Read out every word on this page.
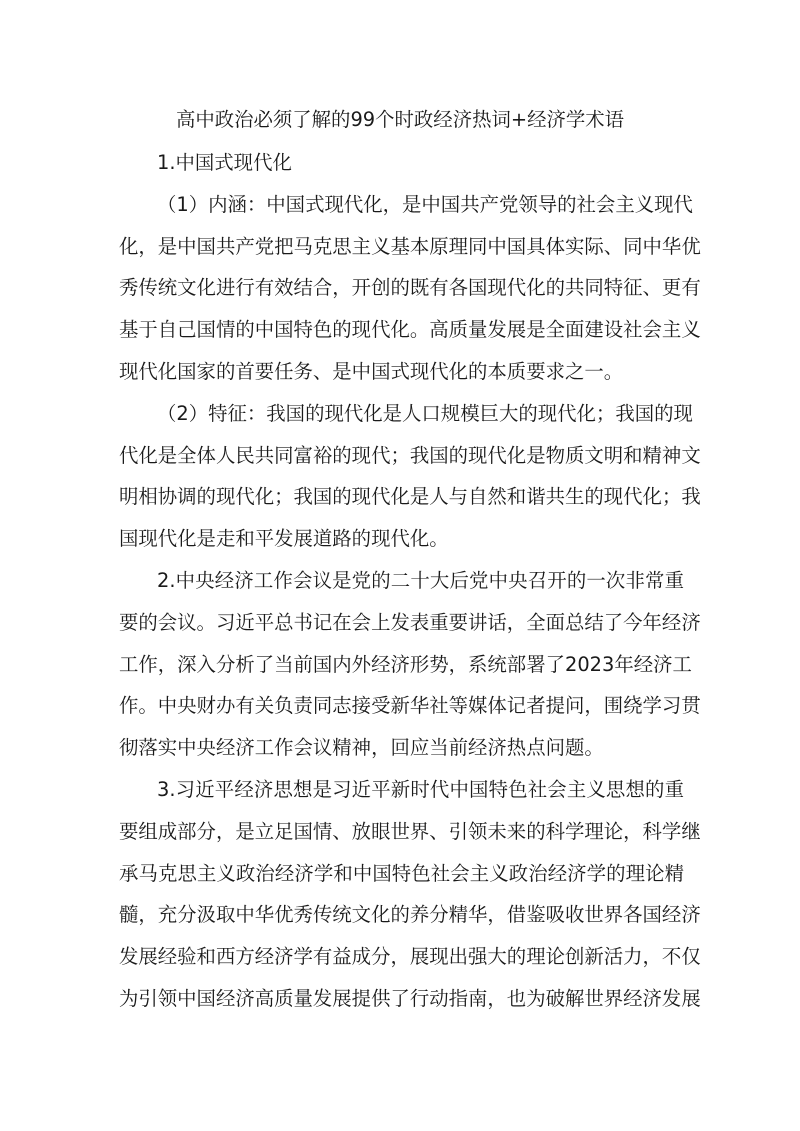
高中政治必须了解的99个时政经济热词+经济学术语
1.中国式现代化
（1）内涵：中国式现代化，是中国共产党领导的社会主义现代
化，是中国共产党把马克思主义基本原理同中国具体实际、同中华优
秀传统文化进行有效结合，开创的既有各国现代化的共同特征、更有
基于自己国情的中国特色的现代化。高质量发展是全面建设社会主义
现代化国家的首要任务、是中国式现代化的本质要求之一。
（2）特征：我国的现代化是人口规模巨大的现代化；我国的现
代化是全体人民共同富裕的现代；我国的现代化是物质文明和精神文
明相协调的现代化；我国的现代化是人与自然和谐共生的现代化；我
国现代化是走和平发展道路的现代化。
2.中央经济工作会议是党的二十大后党中央召开的一次非常重
要的会议。习近平总书记在会上发表重要讲话，全面总结了今年经济
工作，深入分析了当前国内外经济形势，系统部署了2023年经济工
作。中央财办有关负责同志接受新华社等媒体记者提问，围绕学习贯
彻落实中央经济工作会议精神，回应当前经济热点问题。
3.习近平经济思想是习近平新时代中国特色社会主义思想的重
要组成部分，是立足国情、放眼世界、引领未来的科学理论，科学继
承马克思主义政治经济学和中国特色社会主义政治经济学的理论精
髓，充分汲取中华优秀传统文化的养分精华，借鉴吸收世界各国经济
发展经验和西方经济学有益成分，展现出强大的理论创新活力，不仅
为引领中国经济高质量发展提供了行动指南，也为破解世界经济发展
